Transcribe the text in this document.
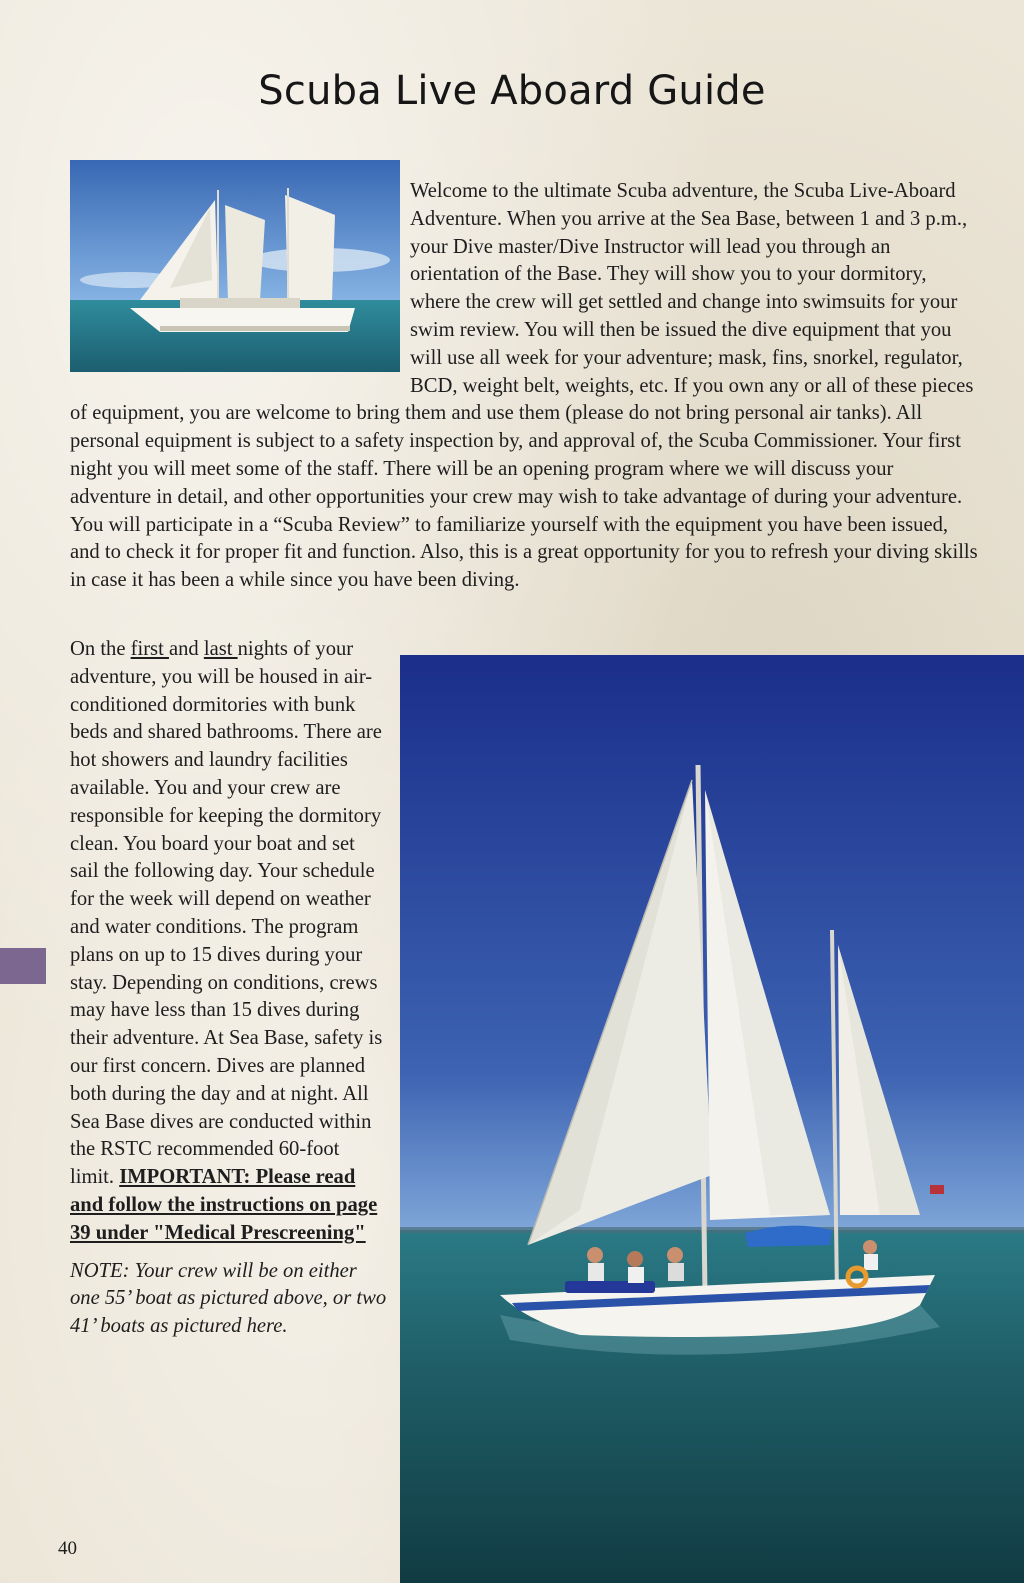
Scuba Live Aboard Guide
Welcome to the ultimate Scuba adventure, the Scuba Live-Aboard Adventure. When you arrive at the Sea Base, between 1 and 3 p.m., your Dive master/Dive Instructor will lead you through an orientation of the Base. They will show you to your dormitory, where the crew will get settled and change into swimsuits for your swim review. You will then be issued the dive equipment that you will use all week for your adventure; mask, fins, snorkel, regulator, BCD, weight belt, weights, etc. If you own any or all of these pieces of equipment, you are welcome to bring them and use them (please do not bring personal air tanks). All personal equipment is subject to a safety inspection by, and approval of, the Scuba Commissioner. Your first night you will meet some of the staff. There will be an opening program where we will discuss your adventure in detail, and other opportunities your crew may wish to take advantage of during your adventure. You will participate in a “Scuba Review” to familiarize yourself with the equipment you have been issued, and to check it for proper fit and function. Also, this is a great opportunity for you to refresh your diving skills in case it has been a while since you have been diving.

On the first and last nights of your adventure, you will be housed in air-conditioned dormitories with bunk beds and shared bathrooms. There are hot showers and laundry facilities available. You and your crew are responsible for keeping the dormitory clean. You board your boat and set sail the following day. Your schedule for the week will depend on weather and water conditions. The program plans on up to 15 dives during your stay. Depending on conditions, crews may have less than 15 dives during their adventure. At Sea Base, safety is our first concern. Dives are planned both during the day and at night. All Sea Base dives are conducted within the RSTC recommended 60-foot limit. IMPORTANT: Please read and follow the instructions on page 39 under "Medical Prescreening"

NOTE: Your crew will be on either one 55’ boat as pictured above, or two 41’ boats as pictured here.

40
